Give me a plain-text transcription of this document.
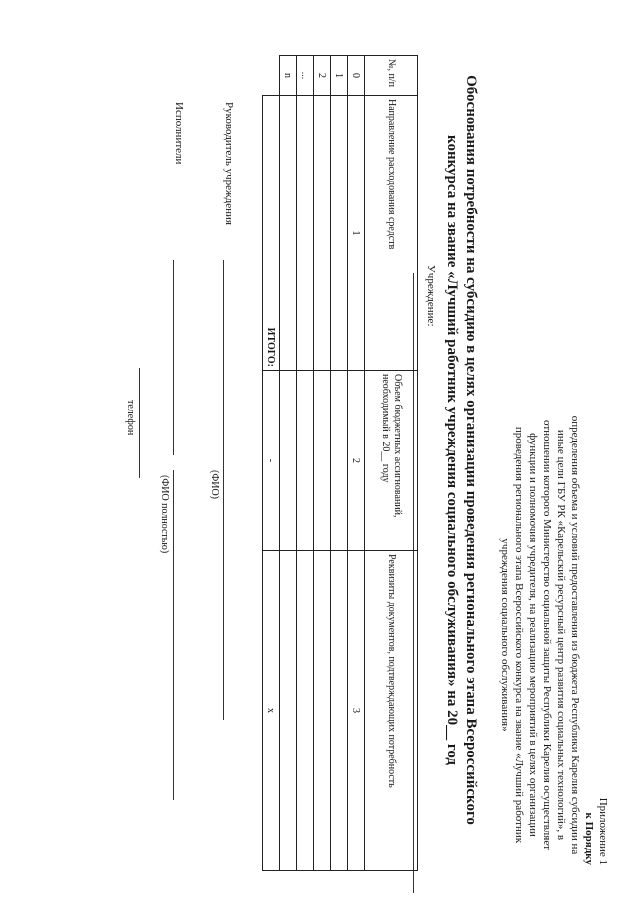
Приложение 1
к Порядку
определения объема и условий предоставления из бюджета Республики Карелия субсидии на иные цели ГБУ РК «Карельский ресурсный центр развития социальных технологий», в отношении которого Министерство социальной защиты Республики Карелия осуществляет функции и полномочия учредителя, на реализацию мероприятий в целях организации проведения регионального этапа Всероссийского конкурса на звание «Лучший работник учреждения социального обслуживания»
Обоснования потребности на субсидию в целях организации проведения регионального этапа Всероссийского конкурса на звание «Лучший работник учреждения социального обслуживания» на 20__ год
Учреждение:
№, п/п	Направление расходования средств	Объем бюджетных ассигнований, необходимый в 20__ году	Реквизиты документов, подтверждающих потребность
0	1	2	3
1			
2			
...			
n			
	ИТОГО:	-	x
Руководитель учреждения
(ФИО)
Исполнители
(ФИО полностью)
телефон
